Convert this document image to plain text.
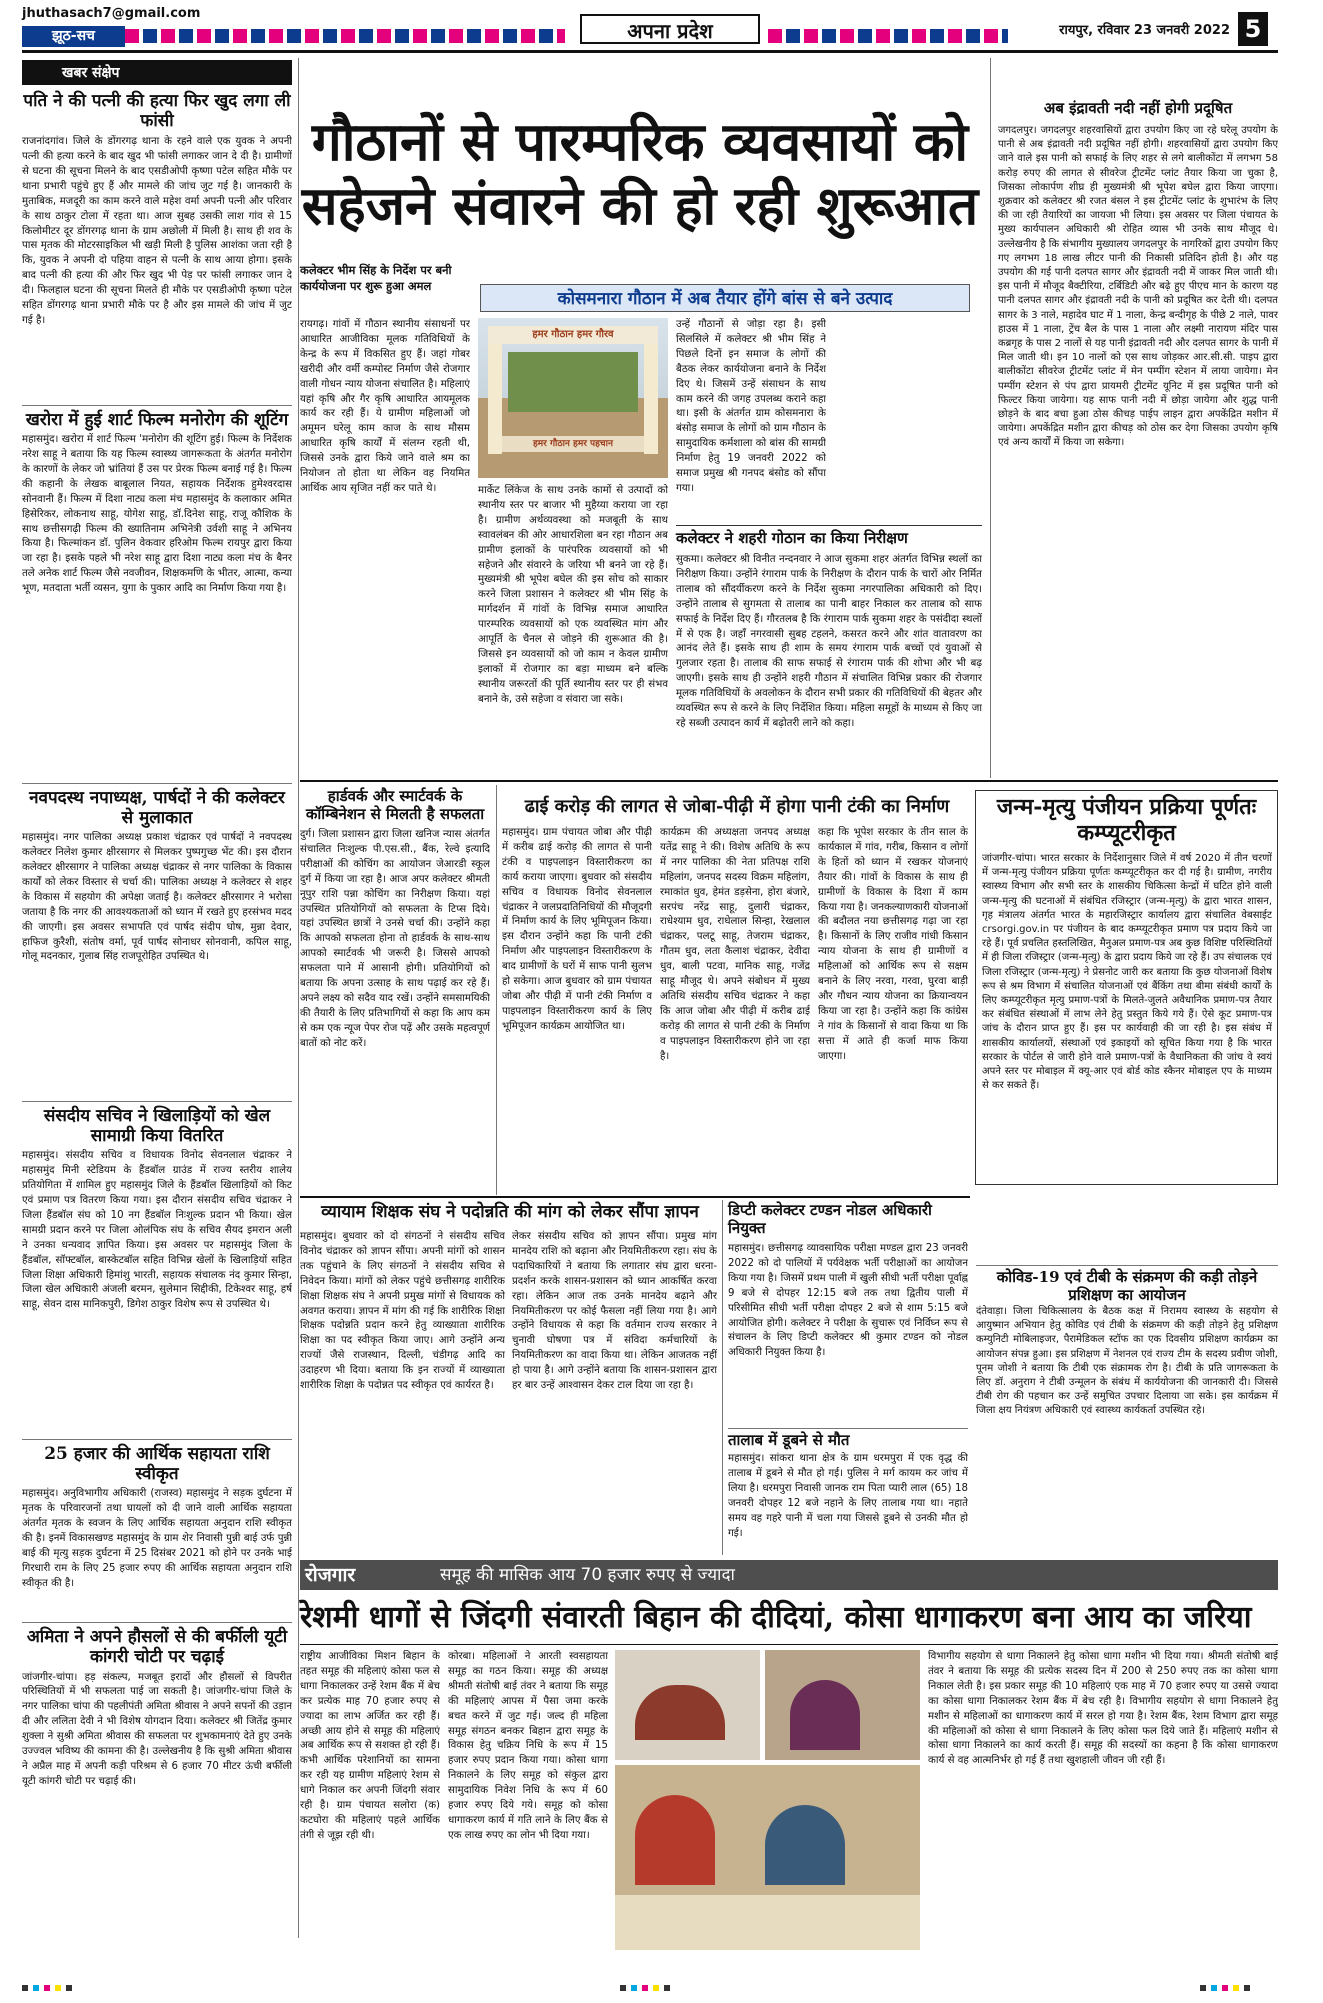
jhuthasach7@gmail.com
झूठ-सच	अपना प्रदेश	रायपुर, रविवार 23 जनवरी 2022 5
खबर संक्षेप
पति ने की पत्नी की हत्या फिर खुद लगा ली फांसी
राजनांदगांव। जिले के डोंगरगढ़ थाना के रहने वाले एक युवक ने अपनी पत्नी की हत्या करने के बाद खुद भी फांसी लगाकर जान दे दी है। ग्रामीणों से घटना की सूचना मिलने के बाद एसडीओपी कृष्णा पटेल सहित मौके पर थाना प्रभारी पहुंचे हुए हैं और मामले की जांच जुट गई है। जानकारी के मुताबिक, मजदूरी का काम करने वाले महेश वर्मा अपनी पत्नी और परिवार के साथ ठाकुर टोला में रहता था। आज सुबह उसकी लाश गांव से 15 किलोमीटर दूर डोंगरगढ़ थाना के ग्राम अछोली में मिली है। साथ ही शव के पास मृतक की मोटरसाइकिल भी खड़ी मिली है पुलिस आशंका जता रही है कि, युवक ने अपनी दो पहिया वाहन से पत्नी के साथ आया होगा। इसके बाद पत्नी की हत्या की और फिर खुद भी पेड़ पर फांसी लगाकर जान दे दी। फिलहाल घटना की सूचना मिलते ही मौके पर एसडीओपी कृष्णा पटेल सहित डोंगरगढ़ थाना प्रभारी मौके पर है और इस मामले की जांच में जुट गई है।
खरोरा में हुई शार्ट फिल्म मनोरोग की शूटिंग
महासमुंद। खरोरा में शार्ट फिल्म 'मनोरोग की शूटिंग हुई। फिल्म के निर्देशक नरेश साहू ने बताया कि यह फिल्म स्वास्थ्य जागरूकता के अंतर्गत मनोरोग के कारणों के लेकर जो भ्रांतियां हैं उस पर प्रेरक फिल्म बनाई गई है। फिल्म की कहानी के लेखक बाबूलाल नियत, सहायक निर्देशक हुमेश्वरदास सोनवानी हैं। फिल्म में दिशा नाट्य कला मंच महासमुंद के कलाकार अमित हिसेरिकर, लोकनाथ साहू, योगेश साहू, डॉ.दिनेश साहू, राजू कौशिक के साथ छत्तीसगढ़ी फिल्म की ख्यातिनाम अभिनेत्री उर्वशी साहू ने अभिनय किया है। फिल्मांकन डॉ. पुलिन वेकवार हरिओम फिल्म रायपुर द्वारा किया जा रहा है। इसके पहले भी नरेश साहू द्वारा दिशा नाट्य कला मंच के बैनर तले अनेक शार्ट फिल्म जैसे नवजीवन, शिक्षकमणि के भीतर, आत्मा, कन्या भूण, मतदाता भर्ती व्यसन, युगा के पुकार आदि का निर्माण किया गया है।
नवपदस्थ नपाध्यक्ष, पार्षदों ने की कलेक्टर से मुलाकात
महासमुंद। नगर पालिका अध्यक्ष प्रकाश चंद्राकर एवं पार्षदों ने नवपदस्थ कलेक्टर निलेश कुमार क्षीरसागर से मिलकर पुष्पगुच्छ भेंट की। इस दौरान कलेक्टर क्षीरसागर ने पालिका अध्यक्ष चंद्राकर से नगर पालिका के विकास कार्यों को लेकर विस्तार से चर्चा की। पालिका अध्यक्ष ने कलेक्टर से शहर के विकास में सहयोग की अपेक्षा जताई है। कलेक्टर क्षीरसागर ने भरोसा जताया है कि नगर की आवश्यकताओं को ध्यान में रखते हुए हरसंभव मदद की जाएगी। इस अवसर सभापति एवं पार्षद संदीप घोष, मुन्ना देवार, हाफिज कुरैशी, संतोष वर्मा, पूर्व पार्षद सोनाधर सोनवानी, कपिल साहू, गोलू मदनकार, गुलाब सिंह राजपूरोहित उपस्थित थे।
संसदीय सचिव ने खिलाड़ियों को खेल सामाग्री किया वितरित
महासमुंद। संसदीय सचिव व विधायक विनोद सेवनलाल चंद्राकर ने महासमुंद मिनी स्टेडियम के हैंडबॉल ग्राउंड में राज्य स्तरीय शालेय प्रतियोगिता में शामिल हुए महासमुंद जिले के हैंडबॉल खिलाड़ियों को किट एवं प्रमाण पत्र वितरण किया गया। इस दौरान संसदीय सचिव चंद्राकर ने जिला हैंडबॉल संघ को 10 नग हैंडबॉल निःशुल्क प्रदान भी किया। खेल सामग्री प्रदान करने पर जिला ओलंपिक संघ के सचिव सैयद इमरान अली ने उनका धन्यवाद ज्ञापित किया। इस अवसर पर महासमुंद जिला के हैंडबॉल, सॉफ्टबॉल, बास्केटबॉल सहित विभिन्न खेलों के खिलाड़ियों सहित जिला शिक्षा अधिकारी हिमांशु भारती, सहायक संचालक नंद कुमार सिन्हा, जिला खेल अधिकारी अंजली बरमन, सुलेमान सिद्दीकी, टिकेश्वर साहू, हर्ष साहू, सेवन दास मानिकपुरी, डिगेश ठाकुर विशेष रूप से उपस्थित थे।
25 हजार की आर्थिक सहायता राशि स्वीकृत
महासमुंद। अनुविभागीय अधिकारी (राजस्व) महासमुंद ने सड़क दुर्घटना में मृतक के परिवारजनों तथा घायलों को दी जाने वाली आर्थिक सहायता अंतर्गत मृतक के स्वजन के लिए आर्थिक सहायता अनुदान राशि स्वीकृत की है। इनमें विकासखण्ड महासमुंद के ग्राम शेर निवासी पुन्नी बाई उर्फ पुन्नी बाई की मृत्यु सड़क दुर्घटना में 25 दिसंबर 2021 को होने पर उनके भाई गिरधारी राम के लिए 25 हजार रुपए की आर्थिक सहायता अनुदान राशि स्वीकृत की है।
अमिता ने अपने हौसलों से की बर्फीली यूटी कांगरी चोटी पर चढ़ाई
जांजगीर-चांपा। हड़ संकल्प, मजबूत इरादों और हौसलों से विपरीत परिस्थितियों में भी सफलता पाई जा सकती है। जांजगीर-चांपा जिले के नगर पालिका चांपा की पहलीपंती अमिता श्रीवास ने अपने सपनों की उड़ान दी और ललिता देवी ने भी विशेष योगदान दिया। कलेक्टर श्री जितेंद्र कुमार शुक्ला ने सुश्री अमिता श्रीवास की सफलता पर शुभकामनाएं देते हुए उनके उज्ज्वल भविष्य की कामना की है। उल्लेखनीय है कि सुश्री अमिता श्रीवास ने अप्रैल माह में अपनी कड़ी परिश्रम से 6 हजार 70 मीटर ऊंची बर्फीली यूटी कांगरी चोटी पर चढ़ाई की।
गौठानों से पारम्परिक व्यवसायों को सहेजने संवारने की हो रही शुरूआत
कलेक्टर भीम सिंह के निर्देश पर बनी कार्ययोजना पर शुरू हुआ अमल
कोसमनारा गौठान में अब तैयार होंगे बांस से बने उत्पाद
हमर गौठान हमर गौरव
हमर गौठान हमर पहचान
रायगढ़। गांवों में गौठान स्थानीय संसाधनों पर आधारित आजीविका मूलक गतिविधियों के केन्द्र के रूप में विकसित हुए हैं। जहां गोबर खरीदी और वर्मी कम्पोस्ट निर्माण जैसे रोजगार वाली गोधन न्याय योजना संचालित है। महिलाएं यहां कृषि और गैर कृषि आधारित आयमूलक कार्य कर रही हैं। ये ग्रामीण महिलाओं जो अमूमन घरेलू काम काज के साथ मौसम आधारित कृषि कार्यों में संलग्न रहती थी, जिससे उनके द्वारा किये जाने वाले श्रम का नियोजन तो होता था लेकिन वह नियमित आर्थिक आय सृजित नहीं कर पाते थे।	मार्केट लिंकेज के साथ उनके कामों से उत्पादों को स्थानीय स्तर पर बाजार भी मुहैय्या कराया जा रहा है। ग्रामीण अर्थव्यवस्था को मजबूती के साथ स्वावलंबन की ओर आधारशिला बन रहा गौठान अब ग्रामीण इलाकों के पारंपरिक व्यवसायों को भी सहेजने और संवारने के जरिया भी बनने जा रहे हैं। मुख्यमंत्री श्री भूपेश बघेल की इस सोच को साकार करने जिला प्रशासन ने कलेक्टर श्री भीम सिंह के मार्गदर्शन में गांवों के विभिन्न समाज आधारित पारम्परिक व्यवसायों को एक व्यवस्थित मांग और आपूर्ति के चैनल से जोड़ने की शुरूआत की है। जिससे इन व्यवसायों को जो काम न केवल ग्रामीण इलाकों में रोजगार का बड़ा माध्यम बने बल्कि स्थानीय जरूरतों की पूर्ति स्थानीय स्तर पर ही संभव बनाने के, उसे सहेजा व संवारा जा सके।
उन्हें गौठानों से जोड़ा रहा है। इसी सिलसिले में कलेक्टर श्री भीम सिंह ने पिछले दिनों इन समाज के लोगों की बैठक लेकर कार्ययोजना बनाने के निर्देश दिए थे। जिसमें उन्हें संसाधन के साथ काम करने की जगह उपलब्ध कराने कहा था। इसी के अंतर्गत ग्राम कोसमनारा के बंसोड़ समाज के लोगों को ग्राम गौठान के सामुदायिक कर्मशाला को बांस की सामग्री निर्माण हेतु 19 जनवरी 2022 को समाज प्रमुख श्री गनपद बंसोड को सौंपा गया।
कलेक्टर ने शहरी गोठान का किया निरीक्षण
सुकमा। कलेक्टर श्री विनीत नन्दनवार ने आज सुकमा शहर अंतर्गत विभिन्न स्थलों का निरीक्षण किया। उन्होंने रंगाराम पार्क के निरीक्षण के दौरान पार्क के चारों ओर निर्मित तालाब को सौंदर्यीकरण करने के निर्देश सुकमा नगरपालिका अधिकारी को दिए। उन्होंने तालाब से सुगमता से तालाब का पानी बाहर निकाल कर तालाब को साफ सफाई के निर्देश दिए हैं। गौरतलब है कि रंगाराम पार्क सुकमा शहर के पसंदीदा स्थलों में से एक है। जहाँ नगरवासी सुबह टहलने, कसरत करने और शांत वातावरण का आनंद लेते हैं। इसके साथ ही शाम के समय रंगाराम पार्क बच्चों एवं युवाओं से गुलजार रहता है। तालाब की साफ सफाई से रंगाराम पार्क की शोभा और भी बढ़ जाएगी। इसके साथ ही उन्होंने शहरी गौठान में संचालित विभिन्न प्रकार की रोजगार मूलक गतिविधियों के अवलोकन के दौरान सभी प्रकार की गतिविधियों की बेहतर और व्यवस्थित रूप से करने के लिए निर्देशित किया। महिला समूहों के माध्यम से किए जा रहे सब्जी उत्पादन कार्य में बढ़ोतरी लाने को कहा।
अब इंद्रावती नदी नहीं होगी प्रदूषित
जगदलपुर। जगदलपुर शहरवासियों द्वारा उपयोग किए जा रहे घरेलू उपयोग के पानी से अब इंद्रावती नदी प्रदूषित नहीं होगी। शहरवासियों द्वारा उपयोग किए जाने वाले इस पानी को सफाई के लिए शहर से लगे बालीकोंटा में लगभग 58 करोड़ रुपए की लागत से सीवरेज ट्रीटमेंट प्लांट तैयार किया जा चुका है, जिसका लोकार्पण शीघ्र ही मुख्यमंत्री श्री भूपेश बघेल द्वारा किया जाएगा। शुक्रवार को कलेक्टर श्री रजत बंसल ने इस ट्रीटमेंट प्लांट के शुभारंभ के लिए की जा रही तैयारियों का जायजा भी लिया। इस अवसर पर जिला पंचायत के मुख्य कार्यपालन अधिकारी श्री रोहित व्यास भी उनके साथ मौजूद थे। उल्लेखनीय है कि संभागीय मुख्यालय जगदलपुर के नागरिकों द्वारा उपयोग किए गए लगभग 18 लाख लीटर पानी की निकासी प्रतिदिन होती है। और यह उपयोग की गई पानी दलपत सागर और इंद्रावती नदी में जाकर मिल जाती थी। इस पानी में मौजूद बैक्टीरिया, टर्बिडिटी और बढ़े हुए पीएच मान के कारण यह पानी दलपत सागर और इंद्रावती नदी के पानी को प्रदूषित कर देती थी। दलपत सागर के 3 नाले, महादेव घाट में 1 नाला, केन्द्र बन्दीगृह के पीछे 2 नाले, पावर हाउस में 1 नाला, ट्रेंच बैल के पास 1 नाला और लक्ष्मी नारायण मंदिर पास कब्रगृह के पास 2 नालों से यह पानी इंद्रावती नदी और दलपत सागर के पानी में मिल जाती थी। इन 10 नालों को एस साथ जोड़कर आर.सी.सी. पाइप द्वारा बालीकोंटा सीवरेज ट्रीटमेंट प्लांट में मेन पम्पींग स्टेशन में लाया जायेगा। मेन पम्पींग स्टेशन से पंप द्वारा प्रायमरी ट्रीटमेंट यूनिट में इस प्रदूषित पानी को फिल्टर किया जायेगा। यह साफ पानी नदी में छोड़ा जायेगा और शुद्ध पानी छोड़ने के बाद बचा हुआ ठोस कीचड़ पाईप लाइन द्वारा अपकेंद्रित मशीन में जायेगा। अपकेंद्रित मशीन द्वारा कीचड़ को ठोस कर देगा जिसका उपयोग कृषि एवं अन्य कार्यों में किया जा सकेगा।
हार्डवर्क और स्मार्टवर्क के कॉम्बिनेशन से मिलती है सफलता
दुर्ग। जिला प्रशासन द्वारा जिला खनिज न्यास अंतर्गत संचालित निःशुल्क पी.एस.सी., बैंक, रेल्वे इत्यादि परीक्षाओं की कोचिंग का आयोजन जेआरडी स्कूल दुर्ग में किया जा रहा है। आज अपर कलेक्टर श्रीमती नूपुर राशि पन्ना कोचिंग का निरीक्षण किया। यहां उपस्थित प्रतियोगियों को सफलता के टिप्स दिये। यहां उपस्थित छात्रों ने उनसे चर्चा की। उन्होंने कहा कि आपको सफलता होना तो हार्डवर्क के साथ-साथ आपको स्मार्टवर्क भी जरूरी है। जिससे आपको सफलता पाने में आसानी होगी। प्रतियोगियों को बताया कि अपना उत्साह के साथ पढ़ाई कर रहे हैं। अपने लक्ष्य को सदैव याद रखें। उन्होंने समसामयिकी की तैयारी के लिए प्रतिभागियों से कहा कि आप कम से कम एक न्यूज पेपर रोज पढ़ें और उसके महत्वपूर्ण बातों को नोट करें।
ढाई करोड़ की लागत से जोबा-पीढ़ी में होगा पानी टंकी का निर्माण
महासमुंद। ग्राम पंचायत जोबा और पीढ़ी में करीब ढाई करोड़ की लागत से पानी टंकी व पाइपलाइन विस्तारीकरण का कार्य कराया जाएगा। बुधवार को संसदीय सचिव व विधायक विनोद सेवनलाल चंद्राकर ने जलप्रदातिनिधियों की मौजूदगी में निर्माण कार्य के लिए भूमिपूजन किया। इस दौरान उन्होंने कहा कि पानी टंकी निर्माण और पाइपलाइन विस्तारीकरण के बाद ग्रामीणों के घरों में साफ पानी सुलभ हो सकेगा। आज बुधवार को ग्राम पंचायत जोबा और पीढ़ी में पानी टंकी निर्माण व पाइपलाइन विस्तारीकरण कार्य के लिए भूमिपूजन कार्यक्रम आयोजित था।
कार्यक्रम की अध्यक्षता जनपद अध्यक्ष यतेंद्र साहू ने की। विशेष अतिथि के रूप में नगर पालिका की नेता प्रतिपक्ष राशि महिलांग, जनपद सदस्य विक्रम महिलांग, रमाकांत धुव, हेमंत डड़सेना, होरा बंजारे, सरपंच नरेंद्र साहू, दुलारी चंद्राकर, राधेश्याम धुव, राधेलाल सिन्हा, रेखलाल चंद्राकर, पलटू साहू, तेजराम चंद्राकर, गौतम धुव, लता कैलाश चंद्राकर, देवीदा धुव, बाली पटवा, मानिक साहू, गजेंद्र साहू मौजूद थे। अपने संबोधन में मुख्य अतिथि संसदीय सचिव चंद्राकर ने कहा कि आज जोबा और पीढ़ी में करीब ढाई करोड़ की लागत से पानी टंकी के निर्माण व पाइपलाइन विस्तारीकरण होने जा रहा है।
कहा कि भूपेश सरकार के तीन साल के कार्यकाल में गांव, गरीब, किसान व लोगों के हितों को ध्यान में रखकर योजनाएं तैयार की। गांवों के विकास के साथ ही ग्रामीणों के विकास के दिशा में काम किया गया है। जनकल्याणकारी योजनाओं की बदौलत नया छत्तीसगढ़ गढ़ा जा रहा है। किसानों के लिए राजीव गांधी किसान न्याय योजना के साथ ही ग्रामीणों व महिलाओं को आर्थिक रूप से सक्षम बनाने के लिए नरवा, गरवा, घुरवा बाड़ी और गौधन न्याय योजना का क्रियान्वयन किया जा रहा है। उन्होंने कहा कि कांग्रेस ने गांव के किसानों से वादा किया था कि सत्ता में आते ही कर्जा माफ किया जाएगा।
जन्म-मृत्यु पंजीयन प्रक्रिया पूर्णतः कम्प्यूटरीकृत
जांजगीर-चांपा। भारत सरकार के निर्देशानुसार जिले में वर्ष 2020 में तीन चरणों में जन्म-मृत्यु पंजीयन प्रक्रिया पूर्णतः कम्प्यूटरीकृत कर दी गई है। ग्रामीण, नगरीय स्वास्थ्य विभाग और सभी स्तर के शासकीय चिकित्सा केन्द्रों में घटित होने वाली जन्म-मृत्यु की घटनाओं में संबंधित रजिस्ट्रार (जन्म-मृत्यु) के द्वारा भारत शासन, गृह मंत्रालय अंतर्गत भारत के महारजिस्ट्रार कार्यालय द्वारा संचालित वेबसाईट crsorgi.gov.in पर पंजीयन के बाद कम्प्यूटरीकृत प्रमाण पत्र प्रदाय किये जा रहे हैं। पूर्व प्रचलित हस्तलिखित, मैनुअल प्रमाण-पत्र अब कुछ विशिष्ट परिस्थितियों में ही जिला रजिस्ट्रार (जन्म-मृत्यु) के द्वारा प्रदाय किये जा रहे हैं। उप संचालक एवं जिला रजिस्ट्रार (जन्म-मृत्यु) ने प्रेसनोट जारी कर बताया कि कुछ योजनाओं विशेष रूप से श्रम विभाग में संचालित योजनाओं एवं बैंकिंग तथा बीमा संबंधी कार्यों के लिए कम्प्यूटरीकृत मृत्यु प्रमाण-पत्रों के मिलते-जुलते अवैधानिक प्रमाण-पत्र तैयार कर संबंधित संस्थाओं में लाभ लेने हेतु प्रस्तुत किये गये हैं। ऐसे कूट प्रमाण-पत्र जांच के दौरान प्राप्त हुए हैं। इस पर कार्यवाही की जा रही है। इस संबंध में शासकीय कार्यालयों, संस्थाओं एवं इकाइयों को सूचित किया गया है कि भारत सरकार के पोर्टल से जारी होने वाले प्रमाण-पत्रों के वैधानिकता की जांच वे स्वयं अपने स्तर पर मोबाइल में क्यू-आर एवं बोर्ड कोड स्कैनर मोबाइल एप के माध्यम से कर सकते हैं।
व्यायाम शिक्षक संघ ने पदोन्नति की मांग को लेकर सौंपा ज्ञापन
महासमुंद। बुधवार को दो संगठनों ने संसदीय सचिव विनोद चंद्राकर को ज्ञापन सौंपा। अपनी मांगों को शासन तक पहुंचाने के लिए संगठनों ने संसदीय सचिव से निवेदन किया। मांगों को लेकर पहुंचे छत्तीसगढ़ शारीरिक शिक्षा शिक्षक संघ ने अपनी प्रमुख मांगों से विधायक को अवगत कराया। ज्ञापन में मांग की गई कि शारीरिक शिक्षा शिक्षक पदोन्नति प्रदान करने हेतु व्याख्याता शारीरिक शिक्षा का पद स्वीकृत किया जाए। आगे उन्होंने अन्य राज्यों जैसे राजस्थान, दिल्ली, चंडीगढ़ आदि का उदाहरण भी दिया। बताया कि इन राज्यों में व्याख्याता शारीरिक शिक्षा के पदोन्नत पद स्वीकृत एवं कार्यरत है।
लेकर संसदीय सचिव को ज्ञापन सौंपा। प्रमुख मांग मानदेय राशि को बढ़ाना और नियमितीकरण रहा। संघ के पदाधिकारियों ने बताया कि लगातार संघ द्वारा धरना-प्रदर्शन करके शासन-प्रशासन को ध्यान आकर्षित करवा रहा। लेकिन आज तक उनके मानदेय बढ़ाने और नियमितीकरण पर कोई फैसला नहीं लिया गया है। आगे उन्होंने विधायक से कहा कि वर्तमान राज्य सरकार ने चुनावी घोषणा पत्र में संविदा कर्मचारियों के नियमितीकरण का वादा किया था। लेकिन आजतक नहीं हो पाया है। आगे उन्होंने बताया कि शासन-प्रशासन द्वारा हर बार उन्हें आश्वासन देकर टाल दिया जा रहा है।
डिप्टी कलेक्टर टण्डन नोडल अधिकारी नियुक्त
महासमुंद। छत्तीसगढ़ व्यावसायिक परीक्षा मण्डल द्वारा 23 जनवरी 2022 को दो पालियों में पर्यवेक्षक भर्ती परीक्षाओं का आयोजन किया गया है। जिसमें प्रथम पाली में खुली सीधी भर्ती परीक्षा पूर्वाह्न 9 बजे से दोपहर 12:15 बजे तक तथा द्वितीय पाली में परिसीमित सीधी भर्ती परीक्षा दोपहर 2 बजे से शाम 5:15 बजे आयोजित होगी। कलेक्टर ने परीक्षा के सुचारू एवं निर्विघ्न रूप से संचालन के लिए डिप्टी कलेक्टर श्री कुमार टण्डन को नोडल अधिकारी नियुक्त किया है।
तालाब में डूबने से मौत
महासमुंद। सांकरा थाना क्षेत्र के ग्राम धरमपुरा में एक वृद्ध की तालाब में डूबने से मौत हो गई। पुलिस ने मर्ग कायम कर जांच में लिया है। धरमपुरा निवासी जानक राम पिता प्यारी लाल (65) 18 जनवरी दोपहर 12 बजे नहाने के लिए तालाब गया था। नहाते समय वह गहरे पानी में चला गया जिससे डूबने से उनकी मौत हो गई।
कोविड-19 एवं टीबी के संक्रमण की कड़ी तोड़ने प्रशिक्षण का आयोजन
दंतेवाड़ा। जिला चिकित्सालय के बैठक कक्ष में निरामय स्वास्थ्य के सहयोग से आयुष्मान अभियान हेतु कोविड एवं टीबी के संक्रमण की कड़ी तोड़ने हेतु प्रशिक्षण कम्युनिटी मोबिलाइजर, पैरामेडिकल स्टॉफ का एक दिवसीय प्रशिक्षण कार्यक्रम का आयोजन संपन्न हुआ। इस प्रशिक्षण में नेशनल एवं राज्य टीम के सदस्य प्रवीण जोशी, पूनम जोशी ने बताया कि टीबी एक संक्रामक रोग है। टीबी के प्रति जागरूकता के लिए डॉ. अनुराग ने टीबी उन्मूलन के संबंध में कार्ययोजना की जानकारी दी। जिससे टीबी रोग की पहचान कर उन्हें समुचित उपचार दिलाया जा सके। इस कार्यक्रम में जिला क्षय नियंत्रण अधिकारी एवं स्वास्थ्य कार्यकर्ता उपस्थित रहे।
रोजगार	समूह की मासिक आय 70 हजार रुपए से ज्यादा
रेशमी धागों से जिंदगी संवारती बिहान की दीदियां, कोसा धागाकरण बना आय का जरिया
राष्ट्रीय आजीविका मिशन बिहान के तहत समूह की महिलाएं कोसा फल से धागा निकालकर उन्हें रेशम बैंक में बेच कर प्रत्येक माह 70 हजार रुपए से ज्यादा का लाभ अर्जित कर रही हैं। अच्छी आय होने से समूह की महिलाएं अब आर्थिक रूप से सशक्त हो रही हैं। कभी आर्थिक परेशानियों का सामना कर रही यह ग्रामीण महिलाएं रेशम से धागे निकाल कर अपनी जिंदगी संवार रही है। ग्राम पंचायत सलोरा (क) कटघोरा की महिलाएं पहले आर्थिक तंगी से जूझ रही थी।
कोरबा। महिलाओं ने आरती स्वसहायता समूह का गठन किया। समूह की अध्यक्ष श्रीमती संतोषी बाई तंवर ने बताया कि समूह की महिलाएं आपस में पैसा जमा करके बचत करने में जुट गई। जल्द ही महिला समूह संगठन बनकर बिहान द्वारा समूह के विकास हेतु चक्रिय निधि के रूप में 15 हजार रुपए प्रदान किया गया। कोसा धागा निकालने के लिए समूह को संकुल द्वारा सामुदायिक निवेश निधि के रूप में 60 हजार रुपए दिये गये। समूह को कोसा धागाकरण कार्य में गति लाने के लिए बैंक से एक लाख रुपए का लोन भी दिया गया।
विभागीय सहयोग से धागा निकालने हेतु कोसा धागा मशीन भी दिया गया। श्रीमती संतोषी बाई तंवर ने बताया कि समूह की प्रत्येक सदस्य दिन में 200 से 250 रुपए तक का कोसा धागा निकाल लेती है। इस प्रकार समूह की 10 महिलाएं एक माह में 70 हजार रुपए या उससे ज्यादा का कोसा धागा निकालकर रेशम बैंक में बेच रही है। विभागीय सहयोग से धागा निकालने हेतु मशीन से महिलाओं का धागाकरण कार्य में सरल हो गया है। रेशम बैंक, रेशम विभाग द्वारा समूह की महिलाओं को कोसा से धागा निकालने के लिए कोसा फल दिये जाते हैं। महिलाएं मशीन से कोसा धागा निकालने का कार्य करती हैं। समूह की सदस्यों का कहना है कि कोसा धागाकरण कार्य से वह आत्मनिर्भर हो गई हैं तथा खुशहाली जीवन जी रही हैं।
